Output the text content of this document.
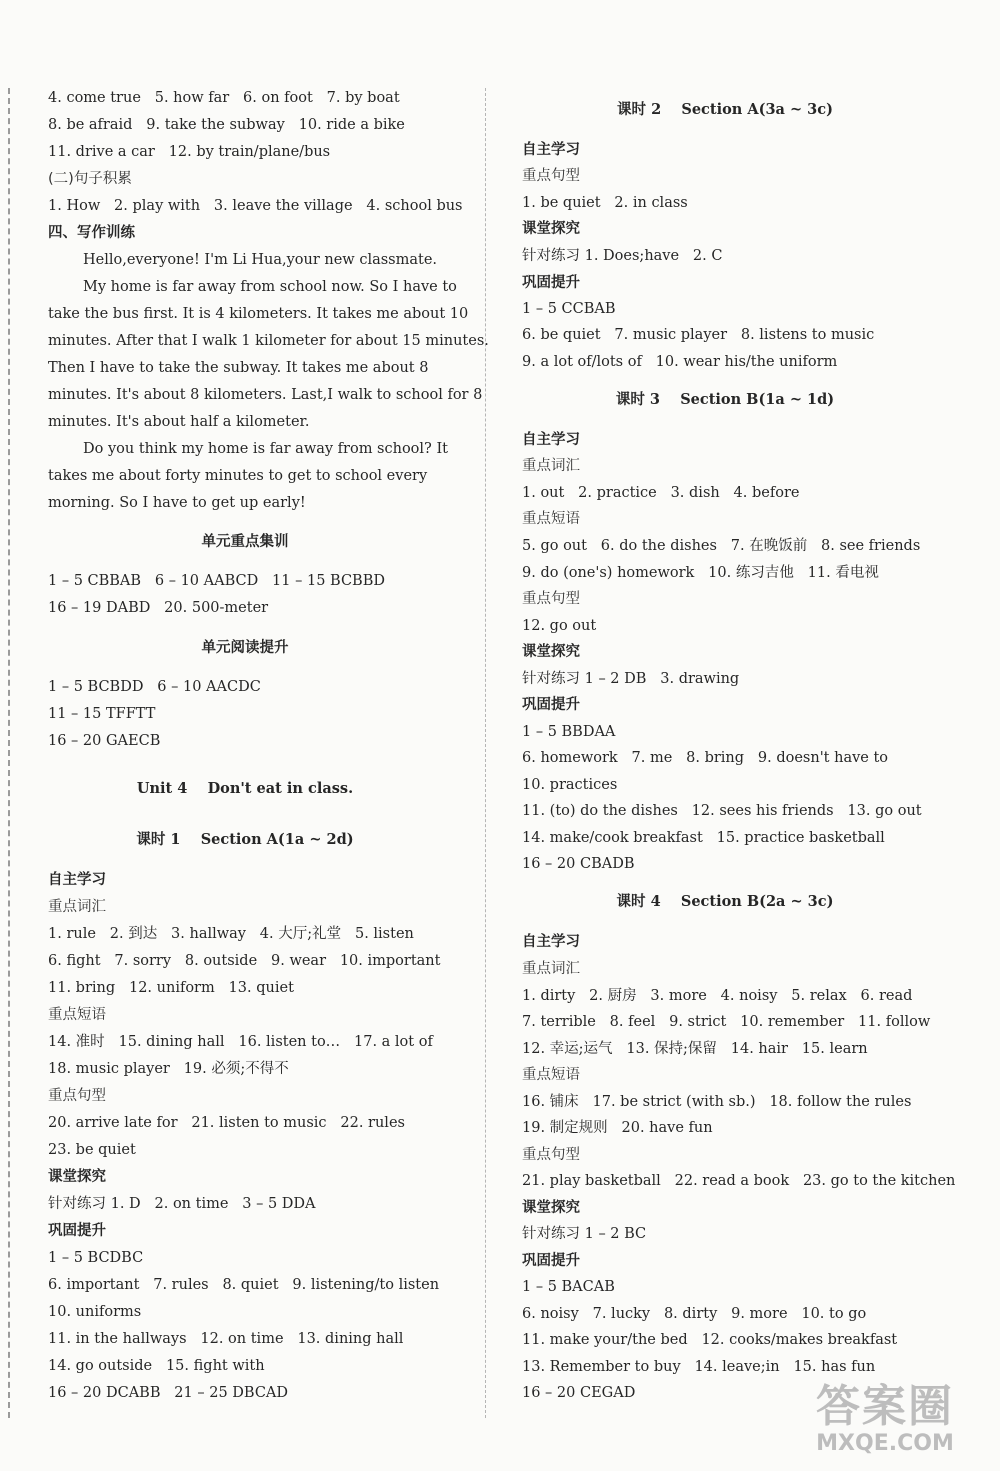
4. come true   5. how far   6. on foot   7. by boat
8. be afraid   9. take the subway   10. ride a bike
11. drive a car   12. by train/plane/bus
(二)句子积累
1. How   2. play with   3. leave the village   4. school bus
四、写作训练
Hello,everyone! I'm Li Hua,your new classmate.
My home is far away from school now. So I have to
take the bus first. It is 4 kilometers. It takes me about 10
minutes. After that I walk 1 kilometer for about 15 minutes.
Then I have to take the subway. It takes me about 8
minutes. It's about 8 kilometers. Last,I walk to school for 8
minutes. It's about half a kilometer.
Do you think my home is far away from school? It
takes me about forty minutes to get to school every
morning. So I have to get up early!
单元重点集训
1 – 5 CBBAB   6 – 10 AABCD   11 – 15 BCBBD
16 – 19 DABD   20. 500-meter
单元阅读提升
1 – 5 BCBDD   6 – 10 AACDC
11 – 15 TFFTT
16 – 20 GAECB
Unit 4    Don't eat in class.
课时 1    Section A(1a ~ 2d)
自主学习
重点词汇
1. rule   2. 到达   3. hallway   4. 大厅;礼堂   5. listen
6. fight   7. sorry   8. outside   9. wear   10. important
11. bring   12. uniform   13. quiet
重点短语
14. 准时   15. dining hall   16. listen to…   17. a lot of
18. music player   19. 必须;不得不
重点句型
20. arrive late for   21. listen to music   22. rules
23. be quiet
课堂探究
针对练习 1. D   2. on time   3 – 5 DDA
巩固提升
1 – 5 BCDBC
6. important   7. rules   8. quiet   9. listening/to listen
10. uniforms
11. in the hallways   12. on time   13. dining hall
14. go outside   15. fight with
16 – 20 DCABB   21 – 25 DBCAD
课时 2    Section A(3a ~ 3c)
自主学习
重点句型
1. be quiet   2. in class
课堂探究
针对练习 1. Does;have   2. C
巩固提升
1 – 5 CCBAB
6. be quiet   7. music player   8. listens to music
9. a lot of/lots of   10. wear his/the uniform
课时 3    Section B(1a ~ 1d)
自主学习
重点词汇
1. out   2. practice   3. dish   4. before
重点短语
5. go out   6. do the dishes   7. 在晚饭前   8. see friends
9. do (one's) homework   10. 练习吉他   11. 看电视
重点句型
12. go out
课堂探究
针对练习 1 – 2 DB   3. drawing
巩固提升
1 – 5 BBDAA
6. homework   7. me   8. bring   9. doesn't have to
10. practices
11. (to) do the dishes   12. sees his friends   13. go out
14. make/cook breakfast   15. practice basketball
16 – 20 CBADB
课时 4    Section B(2a ~ 3c)
自主学习
重点词汇
1. dirty   2. 厨房   3. more   4. noisy   5. relax   6. read
7. terrible   8. feel   9. strict   10. remember   11. follow
12. 幸运;运气   13. 保持;保留   14. hair   15. learn
重点短语
16. 铺床   17. be strict (with sb.)   18. follow the rules
19. 制定规则   20. have fun
重点句型
21. play basketball   22. read a book   23. go to the kitchen
课堂探究
针对练习 1 – 2 BC
巩固提升
1 – 5 BACAB
6. noisy   7. lucky   8. dirty   9. more   10. to go
11. make your/the bed   12. cooks/makes breakfast
13. Remember to buy   14. leave;in   15. has fun
16 – 20 CEGAD	答案圈
MXQE.COM
